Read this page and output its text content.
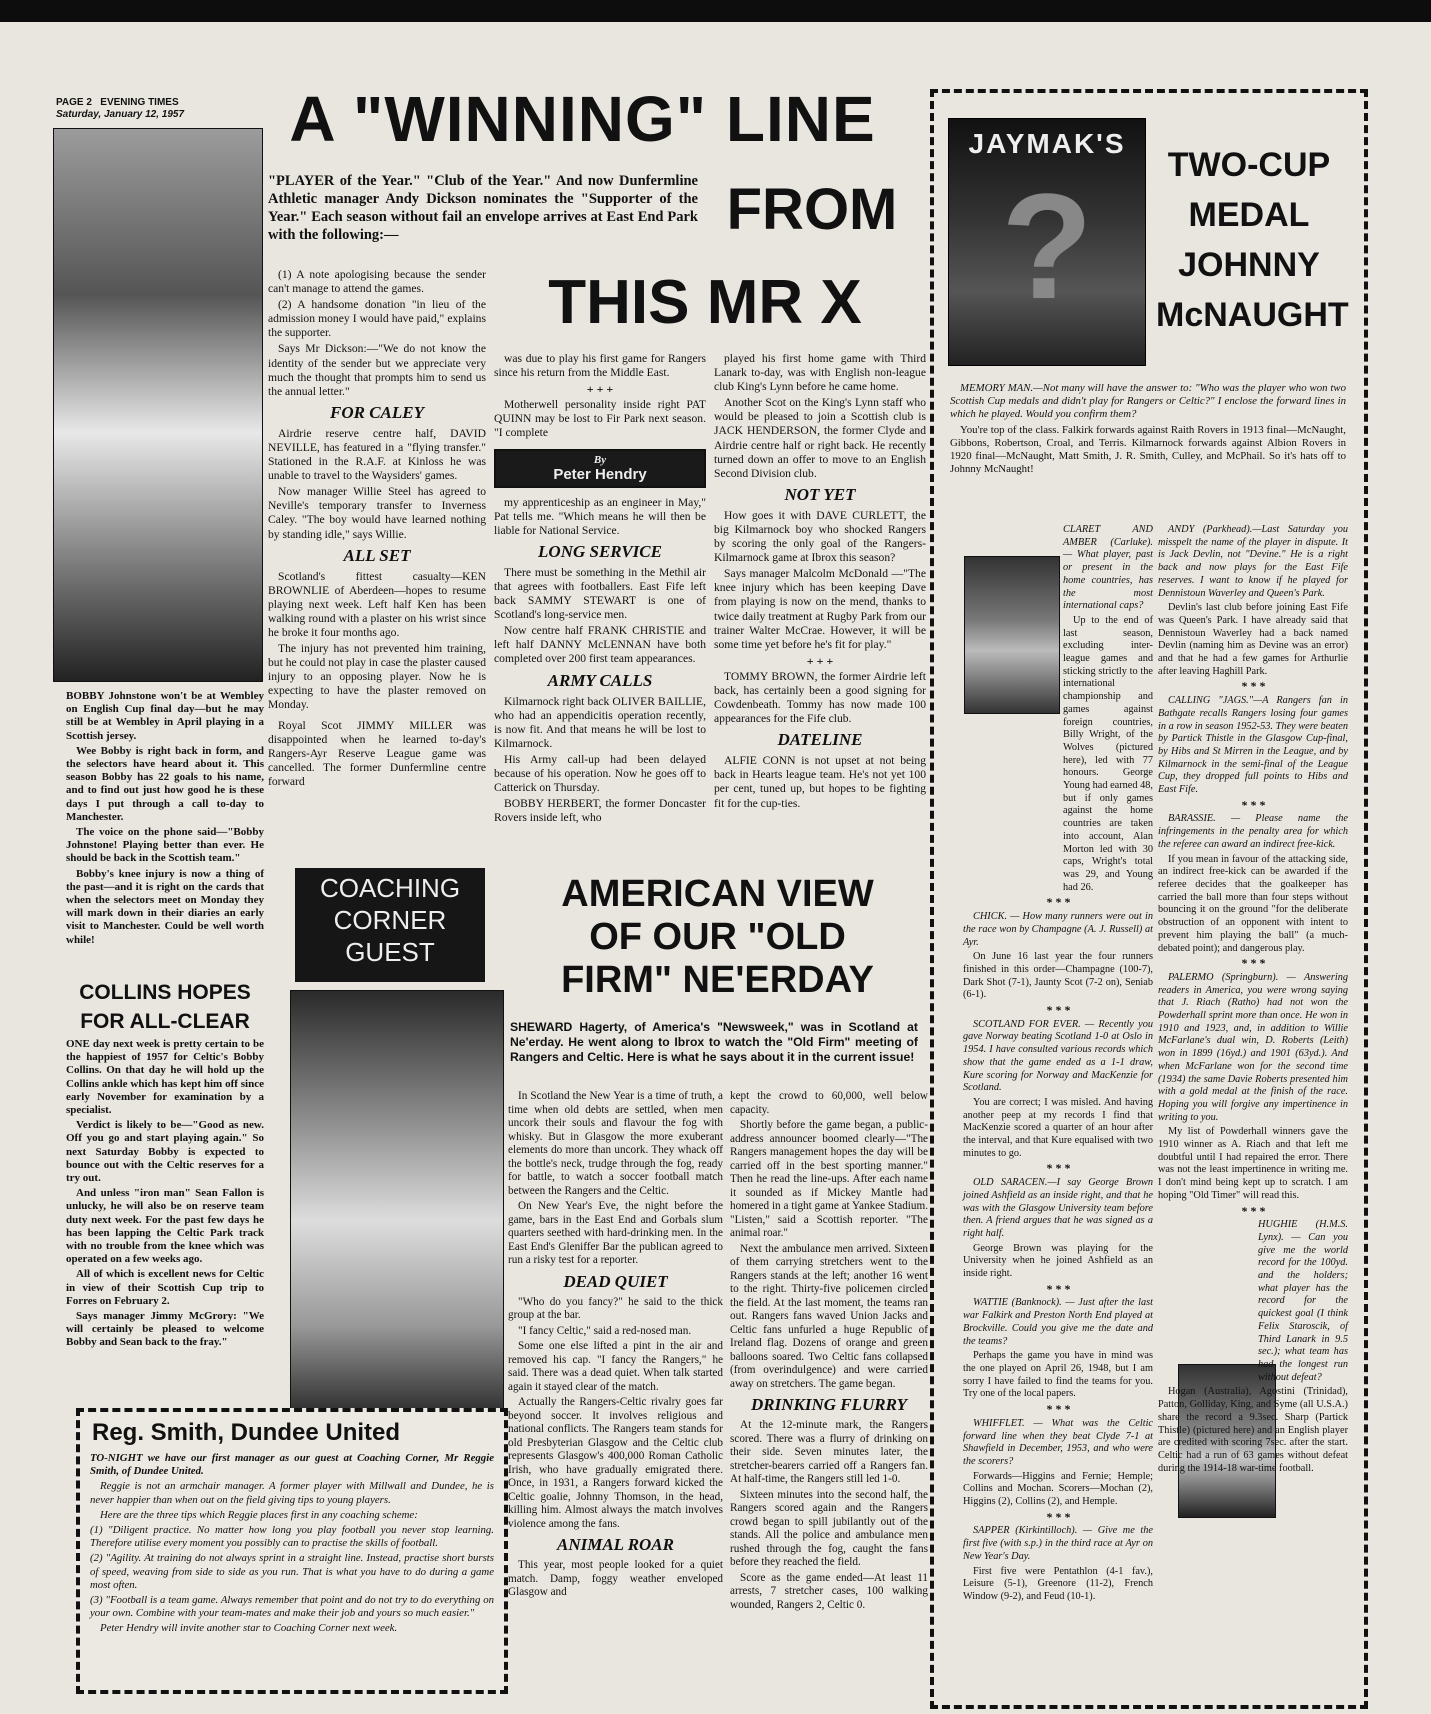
PAGE 2 EVENING TIMES
Saturday, January 12, 1957	A "WINNING" LINE

"PLAYER of the Year." "Club of the Year." And now Dunfermline Athletic manager Andy Dickson nominates the "Supporter of the Year." Each season without fail an envelope arrives at East End Park with the following:—

(1) A note apologising because the sender can't manage to attend the games.

(2) A handsome donation "in lieu of the admission money I would have paid," explains the supporter.

Says Mr Dickson:—"We do not know the identity of the sender but we appreciate very much the thought that prompts him to send us the annual letter."

FOR CALEY

Airdrie reserve centre half, DAVID NEVILLE, has featured in a "flying transfer." Stationed in the R.A.F. at Kinloss he was unable to travel to the Waysiders' games.

Now manager Willie Steel has agreed to Neville's temporary transfer to Inverness Caley. "The boy would have learned nothing by standing idle," says Willie.

ALL SET

Scotland's fittest casualty—KEN BROWNLIE of Aberdeen—hopes to resume playing next week. Left half Ken has been walking round with a plaster on his wrist since he broke it four months ago.

The injury has not prevented him training, but he could not play in case the plaster caused injury to an opposing player. Now he is expecting to have the plaster removed on Monday.

Royal Scot JIMMY MILLER was disappointed when he learned to-day's Rangers-Ayr Reserve League game was cancelled. The former Dunfermline centre forward

FROM
THIS MR X

was due to play his first game for Rangers since his return from the Middle East.

+ + +

Motherwell personality inside right PAT QUINN may be lost to Fir Park next season. "I complete

By
Peter Hendry

my apprenticeship as an engineer in May," Pat tells me. "Which means he will then be liable for National Service.

LONG SERVICE

There must be something in the Methil air that agrees with footballers. East Fife left back SAMMY STEWART is one of Scotland's long-service men.

Now centre half FRANK CHRISTIE and left half DANNY McLENNAN have both completed over 200 first team appearances.

ARMY CALLS

Kilmarnock right back OLIVER BAILLIE, who had an appendicitis operation recently, is now fit. And that means he will be lost to Kilmarnock.

His Army call-up had been delayed because of his operation. Now he goes off to Catterick on Thursday.

BOBBY HERBERT, the former Doncaster Rovers inside left, who

played his first home game with Third Lanark to-day, was with English non-league club King's Lynn before he came home.

Another Scot on the King's Lynn staff who would be pleased to join a Scottish club is JACK HENDERSON, the former Clyde and Airdrie centre half or right back. He recently turned down an offer to move to an English Second Division club.

NOT YET

How goes it with DAVE CURLETT, the big Kilmarnock boy who shocked Rangers by scoring the only goal of the Rangers-Kilmarnock game at Ibrox this season?

Says manager Malcolm McDonald —"The knee injury which has been keeping Dave from playing is now on the mend, thanks to twice daily treatment at Rugby Park from our trainer Walter McCrae. However, it will be some time yet before he's fit for play."

+ + +

TOMMY BROWN, the former Airdrie left back, has certainly been a good signing for Cowdenbeath. Tommy has now made 100 appearances for the Fife club.

DATELINE

ALFIE CONN is not upset at not being back in Hearts league team. He's not yet 100 per cent, tuned up, but hopes to be fighting fit for the cup-ties.

BOBBY Johnstone won't be at Wembley on English Cup final day—but he may still be at Wembley in April playing in a Scottish jersey.

Wee Bobby is right back in form, and the selectors have heard about it. This season Bobby has 22 goals to his name, and to find out just how good he is these days I put through a call to-day to Manchester.

The voice on the phone said—"Bobby Johnstone! Playing better than ever. He should be back in the Scottish team."

Bobby's knee injury is now a thing of the past—and it is right on the cards that when the selectors meet on Monday they will mark down in their diaries an early visit to Manchester. Could be well worth while!

COLLINS HOPES FOR ALL-CLEAR

ONE day next week is pretty certain to be the happiest of 1957 for Celtic's Bobby Collins. On that day he will hold up the Collins ankle which has kept him off since early November for examination by a specialist.

Verdict is likely to be—"Good as new. Off you go and start playing again." So next Saturday Bobby is expected to bounce out with the Celtic reserves for a try out.

And unless "iron man" Sean Fallon is unlucky, he will also be on reserve team duty next week. For the past few days he has been lapping the Celtic Park track with no trouble from the knee which was operated on a few weeks ago.

All of which is excellent news for Celtic in view of their Scottish Cup trip to Forres on February 2.

Says manager Jimmy McGrory: "We will certainly be pleased to welcome Bobby and Sean back to the fray."

COACHING
CORNER
GUEST
Reg. Smith, Dundee United

TO-NIGHT we have our first manager as our guest at Coaching Corner, Mr Reggie Smith, of Dundee United.

Reggie is not an armchair manager. A former player with Millwall and Dundee, he is never happier than when out on the field giving tips to young players.

Here are the three tips which Reggie places first in any coaching scheme:

(1) "Diligent practice. No matter how long you play football you never stop learning. Therefore utilise every moment you possibly can to practise the skills of football.

(2) "Agility. At training do not always sprint in a straight line. Instead, practise short bursts of speed, weaving from side to side as you run. That is what you have to do during a game most often.

(3) "Football is a team game. Always remember that point and do not try to do everything on your own. Combine with your team-mates and make their job and yours so much easier."

Peter Hendry will invite another star to Coaching Corner next week.

AMERICAN VIEW
OF OUR "OLD
FIRM" NE'ERDAY
SHEWARD Hagerty, of America's "Newsweek," was in Scotland at Ne'erday. He went along to Ibrox to watch the "Old Firm" meeting of Rangers and Celtic. Here is what he says about it in the current issue!

In Scotland the New Year is a time of truth, a time when old debts are settled, when men uncork their souls and flavour the fog with whisky. But in Glasgow the more exuberant elements do more than uncork. They whack off the bottle's neck, trudge through the fog, ready for battle, to watch a soccer football match between the Rangers and the Celtic.

On New Year's Eve, the night before the game, bars in the East End and Gorbals slum quarters seethed with hard-drinking men. In the East End's Gleniffer Bar the publican agreed to run a risky test for a reporter.

DEAD QUIET

"Who do you fancy?" he said to the thick group at the bar.

"I fancy Celtic," said a red-nosed man.

Some one else lifted a pint in the air and removed his cap. "I fancy the Rangers," he said. There was a dead quiet. When talk started again it stayed clear of the match.

Actually the Rangers-Celtic rivalry goes far beyond soccer. It involves religious and national conflicts. The Rangers team stands for old Presbyterian Glasgow and the Celtic club represents Glasgow's 400,000 Roman Catholic Irish, who have gradually emigrated there. Once, in 1931, a Rangers forward kicked the Celtic goalie, Johnny Thomson, in the head, killing him. Almost always the match involves violence among the fans.

ANIMAL ROAR

This year, most people looked for a quiet match. Damp, foggy weather enveloped Glasgow and

kept the crowd to 60,000, well below capacity.

Shortly before the game began, a public-address announcer boomed clearly—"The Rangers management hopes the day will be carried off in the best sporting manner." Then he read the line-ups. After each name it sounded as if Mickey Mantle had homered in a tight game at Yankee Stadium. "Listen," said a Scottish reporter. "The animal roar."

Next the ambulance men arrived. Sixteen of them carrying stretchers went to the Rangers stands at the left; another 16 went to the right. Thirty-five policemen circled the field. At the last moment, the teams ran out. Rangers fans waved Union Jacks and Celtic fans unfurled a huge Republic of Ireland flag. Dozens of orange and green balloons soared. Two Celtic fans collapsed (from overindulgence) and were carried away on stretchers. The game began.

DRINKING FLURRY

At the 12-minute mark, the Rangers scored. There was a flurry of drinking on their side. Seven minutes later, the stretcher-bearers carried off a Rangers fan. At half-time, the Rangers still led 1-0.

Sixteen minutes into the second half, the Rangers scored again and the Rangers crowd began to spill jubilantly out of the stands. All the police and ambulance men rushed through the fog, caught the fans before they reached the field.

Score as the game ended—At least 11 arrests, 7 stretcher cases, 100 walking wounded, Rangers 2, Celtic 0.

JAYMAK'S
?	TWO-CUP MEDAL JOHNNY McNAUGHT

MEMORY MAN.—Not many will have the answer to: "Who was the player who won two Scottish Cup medals and didn't play for Rangers or Celtic?" I enclose the forward lines in which he played. Would you confirm them?

You're top of the class. Falkirk forwards against Raith Rovers in 1913 final—McNaught, Gibbons, Robertson, Croal, and Terris. Kilmarnock forwards against Albion Rovers in 1920 final—McNaught, Matt Smith, J. R. Smith, Culley, and McPhail. So it's hats off to Johnny McNaught!

CLARET AND AMBER (Carluke). — What player, past or present in the home countries, has the most international caps?

Up to the end of last season, excluding inter-league games and sticking strictly to the international championship and games against foreign countries, Billy Wright, of the Wolves (pictured here), led with 77 honours. George Young had earned 48, but if only games against the home countries are taken into account, Alan Morton led with 30 caps, Wright's total was 29, and Young had 26.

* * *

CHICK. — How many runners were out in the race won by Champagne (A. J. Russell) at Ayr.

On June 16 last year the four runners finished in this order—Champagne (100-7), Dark Shot (7-1), Jaunty Scot (7-2 on), Seniab (6-1).

* * *

SCOTLAND FOR EVER. — Recently you gave Norway beating Scotland 1-0 at Oslo in 1954. I have consulted various records which show that the game ended as a 1-1 draw, Kure scoring for Norway and MacKenzie for Scotland.

You are correct; I was misled. And having another peep at my records I find that MacKenzie scored a quarter of an hour after the interval, and that Kure equalised with two minutes to go.

* * *

OLD SARACEN.—I say George Brown joined Ashfield as an inside right, and that he was with the Glasgow University team before then. A friend argues that he was signed as a right half.

George Brown was playing for the University when he joined Ashfield as an inside right.

* * *

WATTIE (Banknock). — Just after the last war Falkirk and Preston North End played at Brockville. Could you give me the date and the teams?

Perhaps the game you have in mind was the one played on April 26, 1948, but I am sorry I have failed to find the teams for you. Try one of the local papers.

* * *

WHIFFLET. — What was the Celtic forward line when they beat Clyde 7-1 at Shawfield in December, 1953, and who were the scorers?

Forwards—Higgins and Fernie; Hemple; Collins and Mochan. Scorers—Mochan (2), Higgins (2), Collins (2), and Hemple.

* * *

SAPPER (Kirkintilloch). — Give me the first five (with s.p.) in the third race at Ayr on New Year's Day.

First five were Pentathlon (4-1 fav.), Leisure (5-1), Greenore (11-2), French Window (9-2), and Feud (10-1).

ANDY (Parkhead).—Last Saturday you misspelt the name of the player in dispute. It is Jack Devlin, not "Devine." He is a right back and now plays for the East Fife reserves. I want to know if he played for Dennistoun Waverley and Queen's Park.

Devlin's last club before joining East Fife was Queen's Park. I have already said that Dennistoun Waverley had a back named Devlin (naming him as Devine was an error) and that he had a few games for Arthurlie after leaving Haghill Park.

* * *

CALLING "JAGS."—A Rangers fan in Bathgate recalls Rangers losing four games in a row in season 1952-53. They were beaten by Partick Thistle in the Glasgow Cup-final, by Hibs and St Mirren in the League, and by Kilmarnock in the semi-final of the League Cup, they dropped full points to Hibs and East Fife.

* * *

BARASSIE. — Please name the infringements in the penalty area for which the referee can award an indirect free-kick.

If you mean in favour of the attacking side, an indirect free-kick can be awarded if the referee decides that the goalkeeper has carried the ball more than four steps without bouncing it on the ground "for the deliberate obstruction of an opponent with intent to prevent him playing the ball" (a much-debated point); and dangerous play.

* * *

PALERMO (Springburn). — Answering readers in America, you were wrong saying that J. Riach (Ratho) had not won the Powderhall sprint more than once. He won in 1910 and 1923, and, in addition to Willie McFarlane's dual win, D. Roberts (Leith) won in 1899 (16yd.) and 1901 (63yd.). And when McFarlane won for the second time (1934) the same Davie Roberts presented him with a gold medal at the finish of the race. Hoping you will forgive any impertinence in writing to you.

My list of Powderhall winners gave the 1910 winner as A. Riach and that left me doubtful until I had repaired the error. There was not the least impertinence in writing me. I don't mind being kept up to scratch. I am hoping "Old Timer" will read this.

* * *

HUGHIE (H.M.S. Lynx). — Can you give me the world record for the 100yd. and the holders; what player has the record for the quickest goal (I think Felix Staroscik, of Third Lanark in 9.5 sec.); what team has had the longest run without defeat?

Hogan (Australia), Agostini (Trinidad), Patton, Golliday, King, and Syme (all U.S.A.) share the record a 9.3sec. Sharp (Partick Thistle) (pictured here) and an English player are credited with scoring 7sec. after the start. Celtic had a run of 63 games without defeat during the 1914-18 war-time football.
